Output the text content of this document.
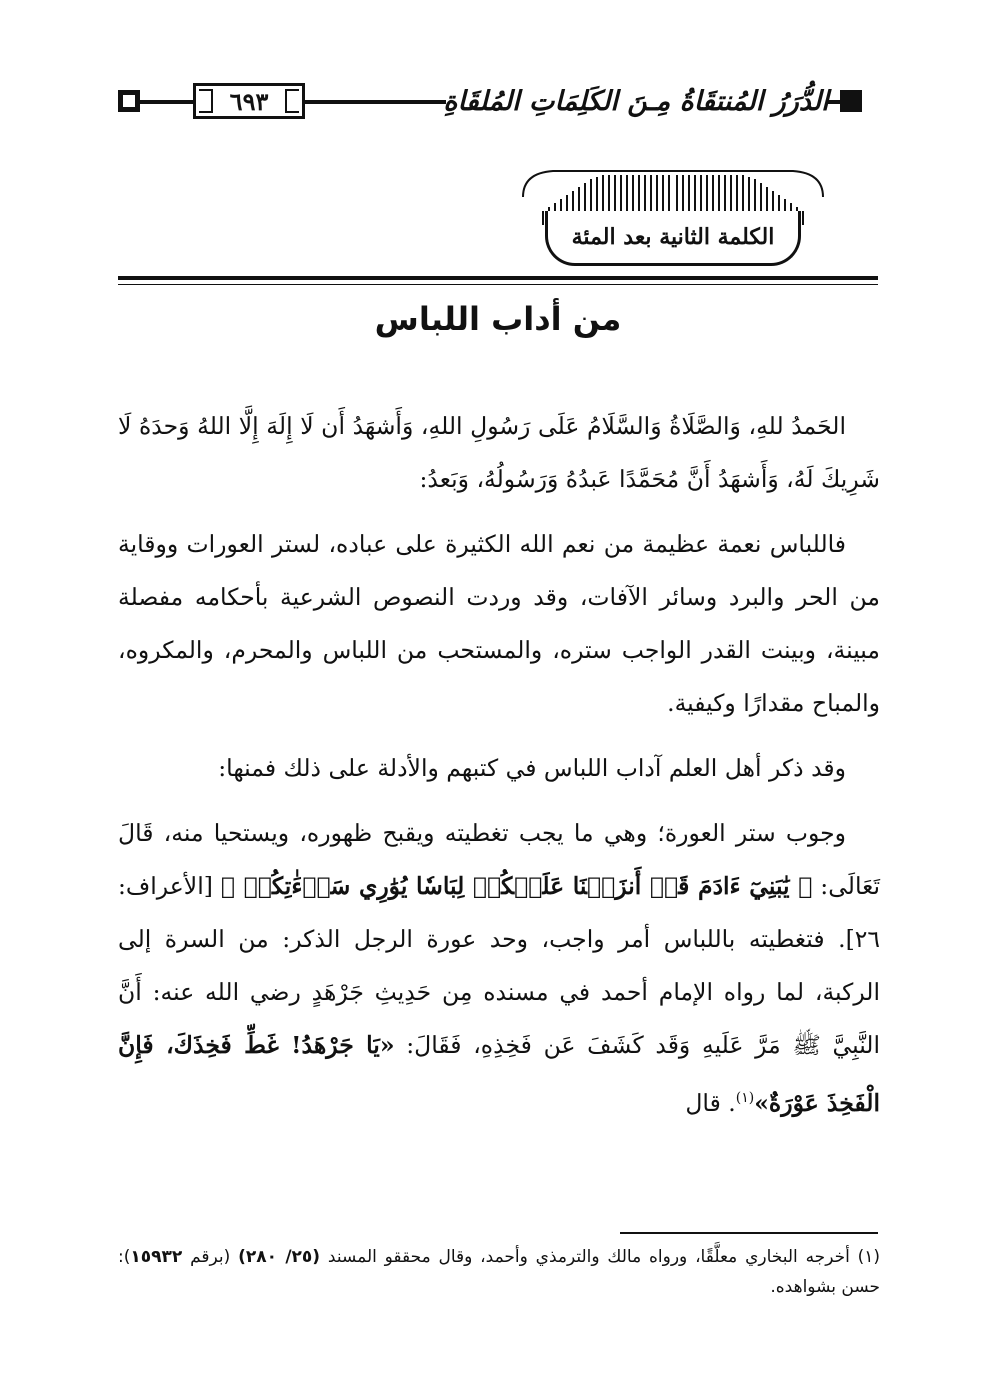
٦٩٣	الدُّرَرُ المُنتقَاةُ مِـنَ الكَلِمَاتِ المُلقَاةِ
الكلمة الثانية بعد المئة
من أداب اللباس

الحَمدُ للهِ، وَالصَّلَاةُ وَالسَّلَامُ عَلَى رَسُولِ اللهِ، وَأَشهَدُ أَن لَا إِلَهَ إِلَّا اللهُ وَحدَهُ لَا شَرِيكَ لَهُ، وَأَشهَدُ أَنَّ مُحَمَّدًا عَبدُهُ وَرَسُولُهُ، وَبَعدُ:

فاللباس نعمة عظيمة من نعم الله الكثيرة على عباده، لستر العورات ووقاية من الحر والبرد وسائر الآفات، وقد وردت النصوص الشرعية بأحكامه مفصلة مبينة، وبينت القدر الواجب ستره، والمستحب من اللباس والمحرم، والمكروه، والمباح مقدارًا وكيفية.

وقد ذكر أهل العلم آداب اللباس في كتبهم والأدلة على ذلك فمنها:

وجوب ستر العورة؛ وهي ما يجب تغطيته ويقبح ظهوره، ويستحيا منه، قَالَ تَعَالَى: ﴿ يَٰبَنِيٓ ءَادَمَ قَدۡ أَنزَلۡنَا عَلَيۡكُمۡ لِبَاسٗا يُوَٰرِي سَوۡءَٰتِكُمۡ ﴾ [الأعراف: ٢٦]. فتغطيته باللباس أمر واجب، وحد عورة الرجل الذكر: من السرة إلى الركبة، لما رواه الإمام أحمد في مسنده مِن حَدِيثِ جَرْهَدٍ رضي الله عنه: أَنَّ النَّبِيَّ ﷺ مَرَّ عَلَيهِ وَقَد كَشَفَ عَن فَخِذِهِ، فَقَالَ: «يَا جَرْهَدُ! غَطِّ فَخِذَكَ، فَإِنَّ الْفَخِذَ عَوْرَةٌ»$^{(١)}$. قال

(١) أخرجه البخاري معلَّقًا، ورواه مالك والترمذي وأحمد، وقال محققو المسند (٢٥/ ٢٨٠) (برقم ١٥٩٣٢): حسن بشواهده.
